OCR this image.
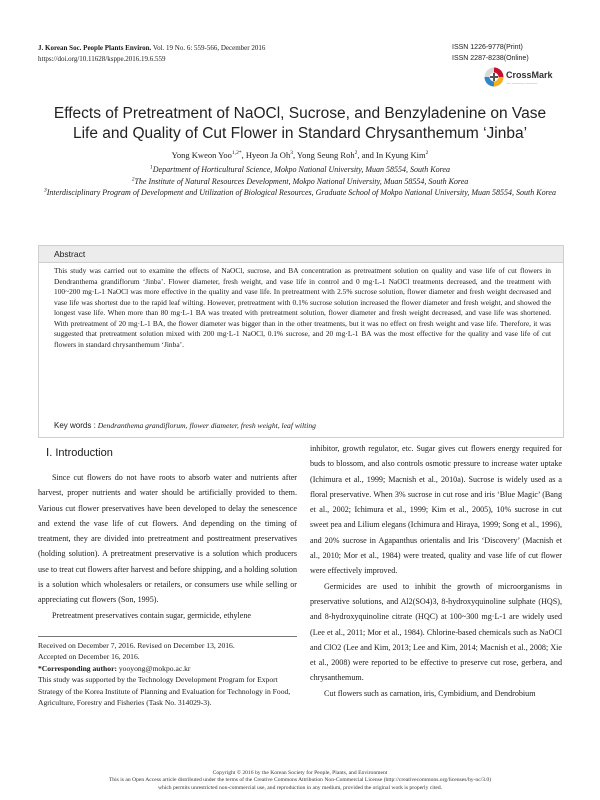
J. Korean Soc. People Plants Environ. Vol. 19 No. 6: 559-566, December 2016
https://doi.org/10.11628/ksppe.2016.19.6.559
ISSN 1226-9778(Print)
ISSN 2287-8238(Online)
CrossMark
— ——— ———
Effects of Pretreatment of NaOCl, Sucrose, and Benzyladenine on Vase
Life and Quality of Cut Flower in Standard Chrysanthemum ‘Jinba’
Yong Kweon Yoo$^{1,2*}$, Hyeon Ja Oh$^3$, Yong Seung Roh$^2$, and In Kyung Kim$^2$
$^1$Department of Horticultural Science, Mokpo National University, Muan 58554, South Korea
$^2$The Institute of Natural Resources Development, Mokpo National University, Muan 58554, South Korea
$^3$Interdisciplinary Program of Development and Utilization of Biological Resources, Graduate School of Mokpo National University, Muan 58554, South Korea
Abstract
This study was carried out to examine the effects of NaOCl, sucrose, and BA concentration as pretreatment solution on quality and vase life of cut flowers in Dendranthema grandiflorum ‘Jinba’. Flower diameter, fresh weight, and vase life in control and 0 mg·L-1 NaOCl treatments decreased, and the treatment with 100~200 mg·L-1 NaOCl was more effective in the quality and vase life. In pretreatment with 2.5% sucrose solution, flower diameter and fresh weight decreased and vase life was shortest due to the rapid leaf wilting. However, pretreatment with 0.1% sucrose solution increased the flower diameter and fresh weight, and showed the longest vase life. When more than 80 mg·L-1 BA was treated with pretreatment solution, flower diameter and fresh weight decreased, and vase life was shortened. With pretreatment of 20 mg·L-1 BA, the flower diameter was bigger than in the other treatments, but it was no effect on fresh weight and vase life. Therefore, it was suggested that pretreatment solution mixed with 200 mg·L-1 NaOCl, 0.1% sucrose, and 20 mg·L-1 BA was the most effective for the quality and vase life of cut flowers in standard chrysanthemum ‘Jinba’.
Key words : Dendranthema grandiflorum, flower diameter, fresh weight, leaf wilting
Ⅰ. Introduction

Since cut flowers do not have roots to absorb water and nutrients after harvest, proper nutrients and water should be artificially provided to them. Various cut flower preservatives have been developed to delay the senescence and extend the vase life of cut flowers. And depending on the timing of treatment, they are divided into pretreatment and posttreatment preservatives (holding solution). A pretreatment preservative is a solution which producers use to treat cut flowers after harvest and before shipping, and a holding solution is a solution which wholesalers or retailers, or consumers use while selling or appreciating cut flowers (Son, 1995).

Pretreatment preservatives contain sugar, germicide, ethylene

Received on December 7, 2016. Revised on December 13, 2016.
Accepted on December 16, 2016.
*Corresponding author: yooyong@mokpo.ac.kr
This study was supported by the Technology Development Program for Export Strategy of the Korea Institute of Planning and Evaluation for Technology in Food, Agriculture, Forestry and Fisheries (Task No. 314029-3).

inhibitor, growth regulator, etc. Sugar gives cut flowers energy required for buds to blossom, and also controls osmotic pressure to increase water uptake (Ichimura et al., 1999; Macnish et al., 2010a). Sucrose is widely used as a floral preservative. When 3% sucrose in cut rose and iris ‘Blue Magic’ (Bang et al., 2002; Ichimura et al., 1999; Kim et al., 2005), 10% sucrose in cut sweet pea and Lilium elegans (Ichimura and Hiraya, 1999; Song et al., 1996), and 20% sucrose in Agapanthus orientalis and Iris ‘Discovery’ (Macnish et al., 2010; Mor et al., 1984) were treated, quality and vase life of cut flower were effectively improved.

Germicides are used to inhibit the growth of microorganisms in preservative solutions, and Al2(SO4)3, 8-hydroxyquinoline sulphate (HQS), and 8-hydroxyquinoline citrate (HQC) at 100~300 mg·L-1 are widely used (Lee et al., 2011; Mor et al., 1984). Chlorine-based chemicals such as NaOCl and ClO2 (Lee and Kim, 2013; Lee and Kim, 2014; Macnish et al., 2008; Xie et al., 2008) were reported to be effective to preserve cut rose, gerbera, and chrysanthemum.

Cut flowers such as carnation, iris, Cymbidium, and Dendrobium

Copyright © 2016 by the Korean Society for People, Plants, and Environment
This is an Open Access article distributed under the terms of the Creative Commons Attribution Non-Commercial License (http://creativecommons.org/licenses/by-nc/3.0)
which permits unrestricted non-commercial use, and reproduction in any medium, provided the original work is properly cited.
